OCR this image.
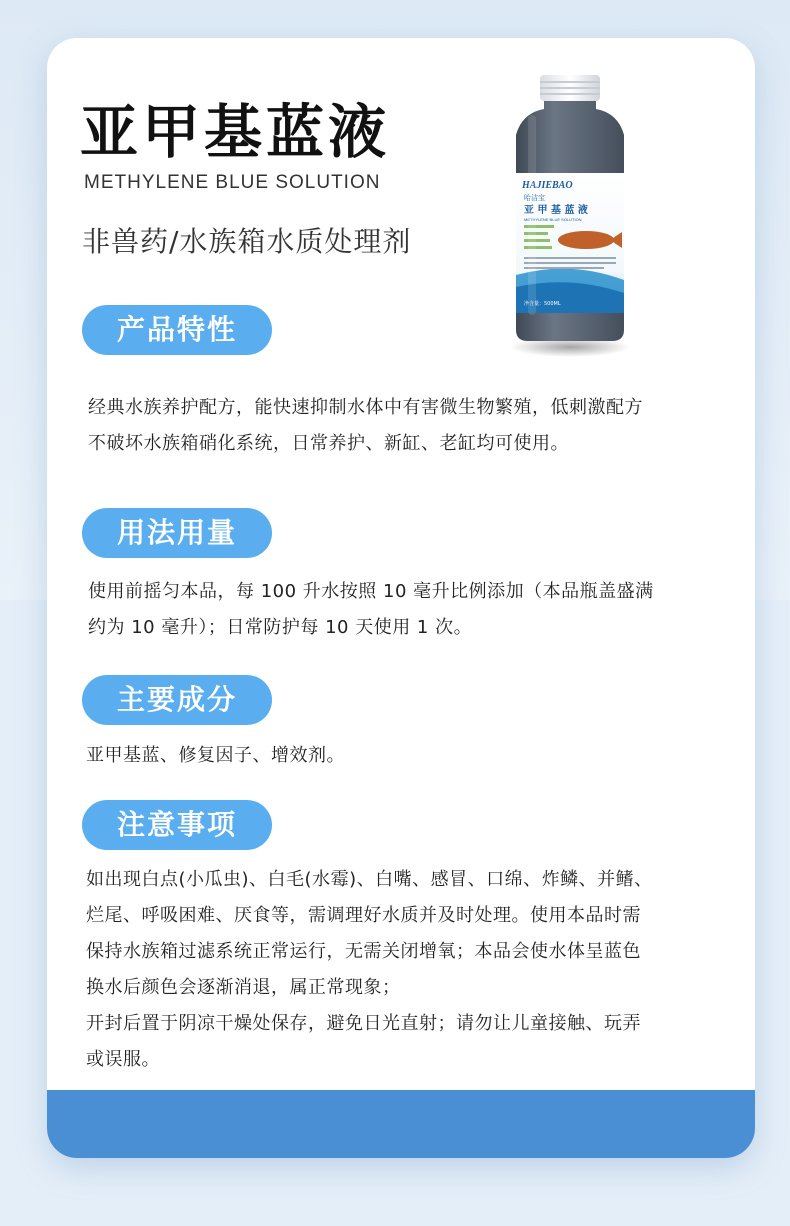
亚甲基蓝液
METHYLENE BLUE SOLUTION
非兽药/水族箱水质处理剂
HAJIEBAO
哈洁宝
亚 甲 基 蓝 液
METHYLENE BLUE SOLUTION
净含量：500ML
产品特性

经典水族养护配方，能快速抑制水体中有害微生物繁殖，低刺激配方

不破坏水族箱硝化系统，日常养护、新缸、老缸均可使用。

用法用量

使用前摇匀本品，每 100 升水按照 10 毫升比例添加（本品瓶盖盛满

约为 10 毫升）；日常防护每 10 天使用 1 次。

主要成分

亚甲基蓝、修复因子、增效剂。

注意事项

如出现白点(小瓜虫)、白毛(水霉)、白嘴、感冒、口绵、炸鳞、并鳍、

烂尾、呼吸困难、厌食等，需调理好水质并及时处理。使用本品时需

保持水族箱过滤系统正常运行，无需关闭增氧；本品会使水体呈蓝色

换水后颜色会逐渐消退，属正常现象；

开封后置于阴凉干燥处保存，避免日光直射；请勿让儿童接触、玩弄

或误服。
